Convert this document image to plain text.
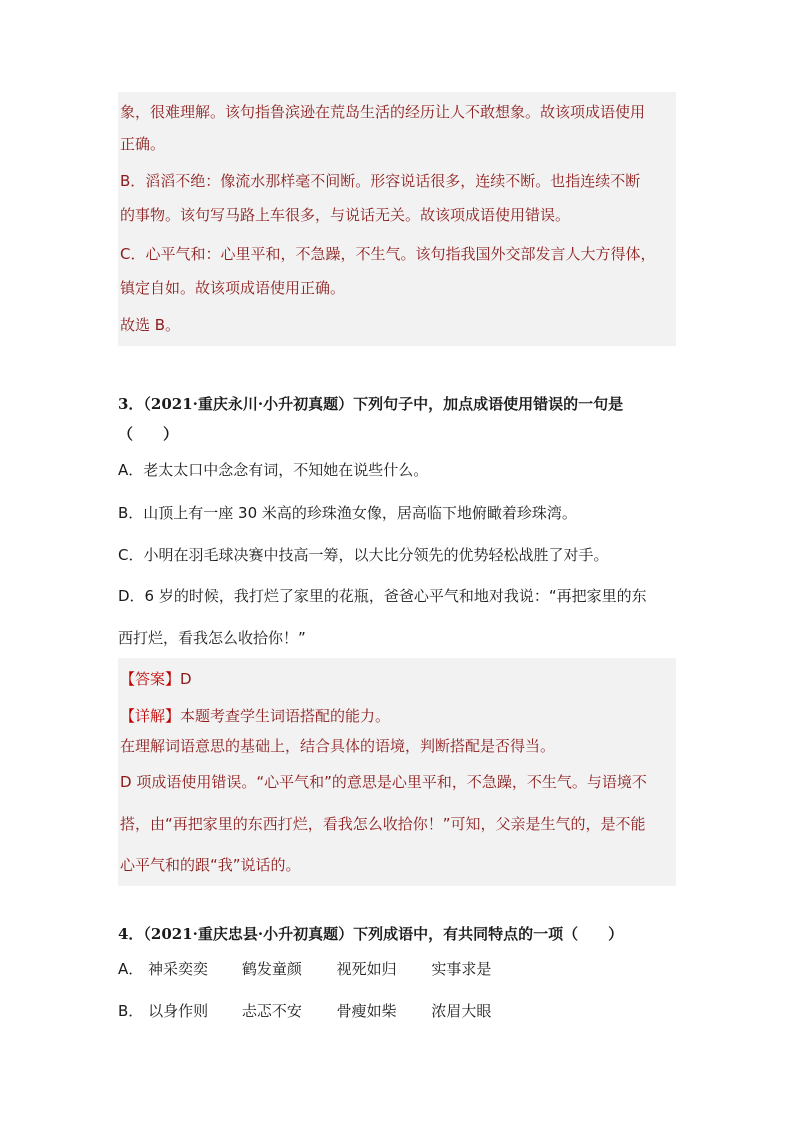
象，很难理解。该句指鲁滨逊在荒岛生活的经历让人不敢想象。故该项成语使用
正确。
B．滔滔不绝：像流水那样毫不间断。形容说话很多，连续不断。也指连续不断
的事物。该句写马路上车很多，与说话无关。故该项成语使用错误。
C．心平气和：心里平和，不急躁，不生气。该句指我国外交部发言人大方得体，
镇定自如。故该项成语使用正确。
故选 B。
3．（2021·重庆永川·小升初真题）下列句子中，加点成语使用错误的一句是
（　　）
A．老太太口中念念有词，不知她在说些什么。
B．山顶上有一座 30 米高的珍珠渔女像，居高临下地俯瞰着珍珠湾。
C．小明在羽毛球决赛中技高一筹，以大比分领先的优势轻松战胜了对手。
D．6 岁的时候，我打烂了家里的花瓶，爸爸心平气和地对我说：“再把家里的东
西打烂，看我怎么收拾你！”
【答案】D
【详解】本题考查学生词语搭配的能力。
在理解词语意思的基础上，结合具体的语境，判断搭配是否得当。
D 项成语使用错误。“心平气和”的意思是心里平和，不急躁，不生气。与语境不
搭，由“再把家里的东西打烂，看我怎么收拾你！”可知，父亲是生气的，是不能
心平气和的跟“我”说话的。
4．（2021·重庆忠县·小升初真题）下列成语中，有共同特点的一项（　　）
A． 神采奕奕 鹤发童颜 视死如归 实事求是
B． 以身作则 忐忑不安 骨瘦如柴 浓眉大眼
